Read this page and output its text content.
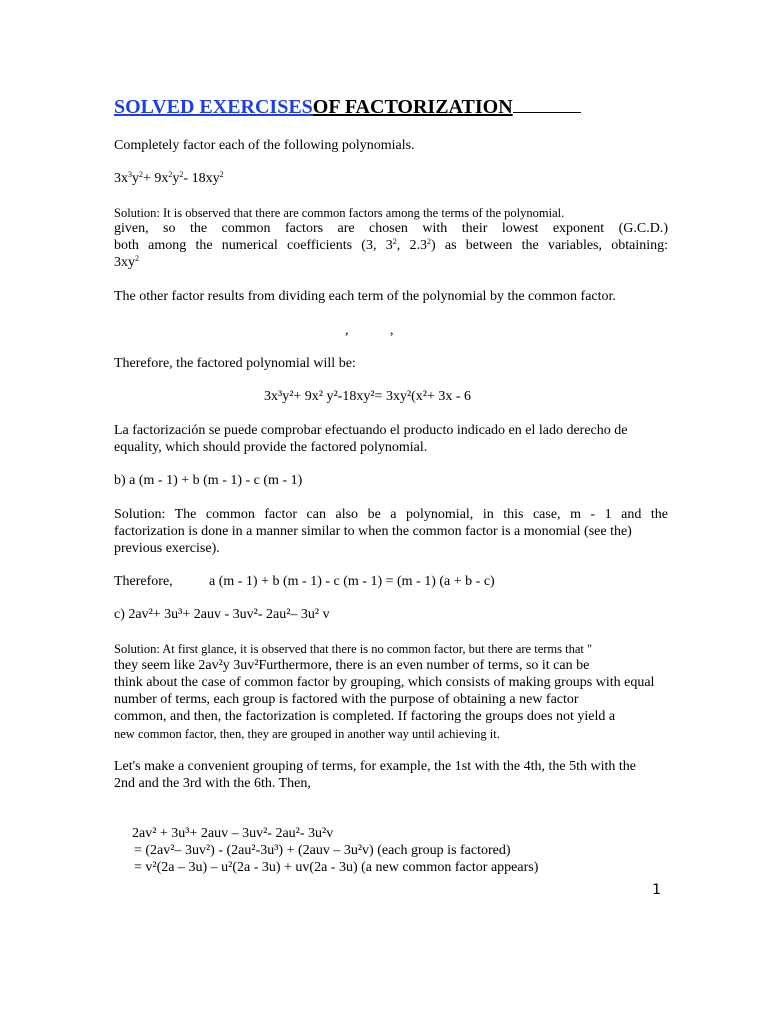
SOLVED EXERCISESOF FACTORIZATION
Completely factor each of the following polynomials.
$3x^3y^2+ 9x^2y^2-$ $18xy^2$
Solution: It is observed that there are common factors among the terms of the polynomial.
given, so the common factors are chosen with their lowest exponent (G.C.D.)
both among the numerical coefficients (3, $3^2$, $2.3^2$) as between the variables, obtaining:
$3xy^2$
The other factor results from dividing each term of the polynomial by the common factor.
,	,
Therefore, the factored polynomial will be:
3x³y²+ 9x² y²-18xy²= 3xy²(x²+ 3x - 6
La factorización se puede comprobar efectuando el producto indicado en el lado derecho de
equality, which should provide the factored polynomial.
b) a (m - 1) + b (m - 1) - c (m - 1)
Solution: The common factor can also be a polynomial, in this case, m - 1 and the
factorization is done in a manner similar to when the common factor is a monomial (see the)
previous exercise).
Therefore,	a (m - 1) + b (m - 1) - c (m - 1) = (m - 1) (a + b - c)
c) 2av²+ 3u³+ 2auv - 3uv²- 2au²– 3u² v
Solution: At first glance, it is observed that there is no common factor, but there are terms that "
they seem like 2av²y 3uv²Furthermore, there is an even number of terms, so it can be
think about the case of common factor by grouping, which consists of making groups with equal
number of terms, each group is factored with the purpose of obtaining a new factor
common, and then, the factorization is completed. If factoring the groups does not yield a
new common factor, then, they are grouped in another way until achieving it.
Let's make a convenient grouping of terms, for example, the 1st with the 4th, the 5th with the
2nd and the 3rd with the 6th. Then,
2av² + 3u³+ 2auv – 3uv²- 2au²- 3u²v
= (2av²– 3uv²) - (2au²-3u³) + (2auv – 3u²v) (each group is factored)
= v²(2a – 3u) – u²(2a - 3u) + uv(2a - 3u) (a new common factor appears)
1
